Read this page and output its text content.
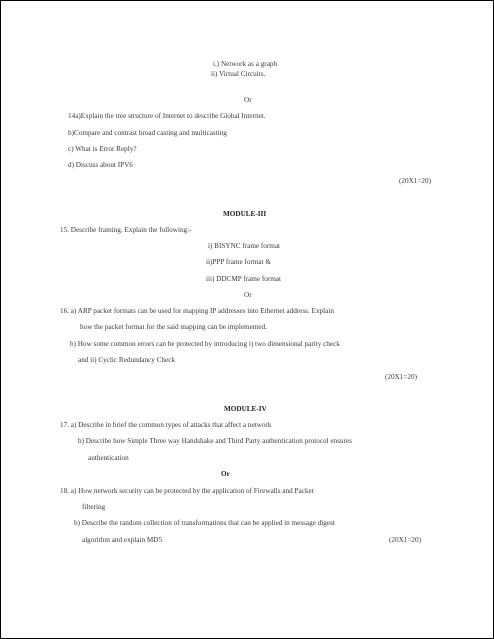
i.) Network as a graph
ii) Virtual Circuits.
Or
14a)Explain the tree structure of Internet to describe Global Internet.
b)Compare and contrast broad casting and multicasting
c) What is Error Reply?
d) Discuss about IPV6
(20X1=20)
MODULE-III
15. Describe framing. Explain the following:-
i) BISYNC frame format
ii)PPP frame format &
iii) DDCMP frame format
Or
16. a) ARP packet formats can be used for mapping IP addresses into Ethernet address. Explain
how the packet format for the said mapping can be implemented.
b) How some common errors can be protected by introducing i) two dimensional parity check
and ii) Cyclic Redundancy Check
(20X1=20)
MODULE-IV
17. a) Describe in brief the common types of attacks that affect a network
b) Describe how Simple Three way Handshake and Third Party authentication protocol ensures
authentication
Or
18. a) How network security can be protected by the application of Firewalls and Packet
filtering
b) Describe the random collection of transformations that can be applied in message digest
algorithm and explain MD5	(20X1=20)
